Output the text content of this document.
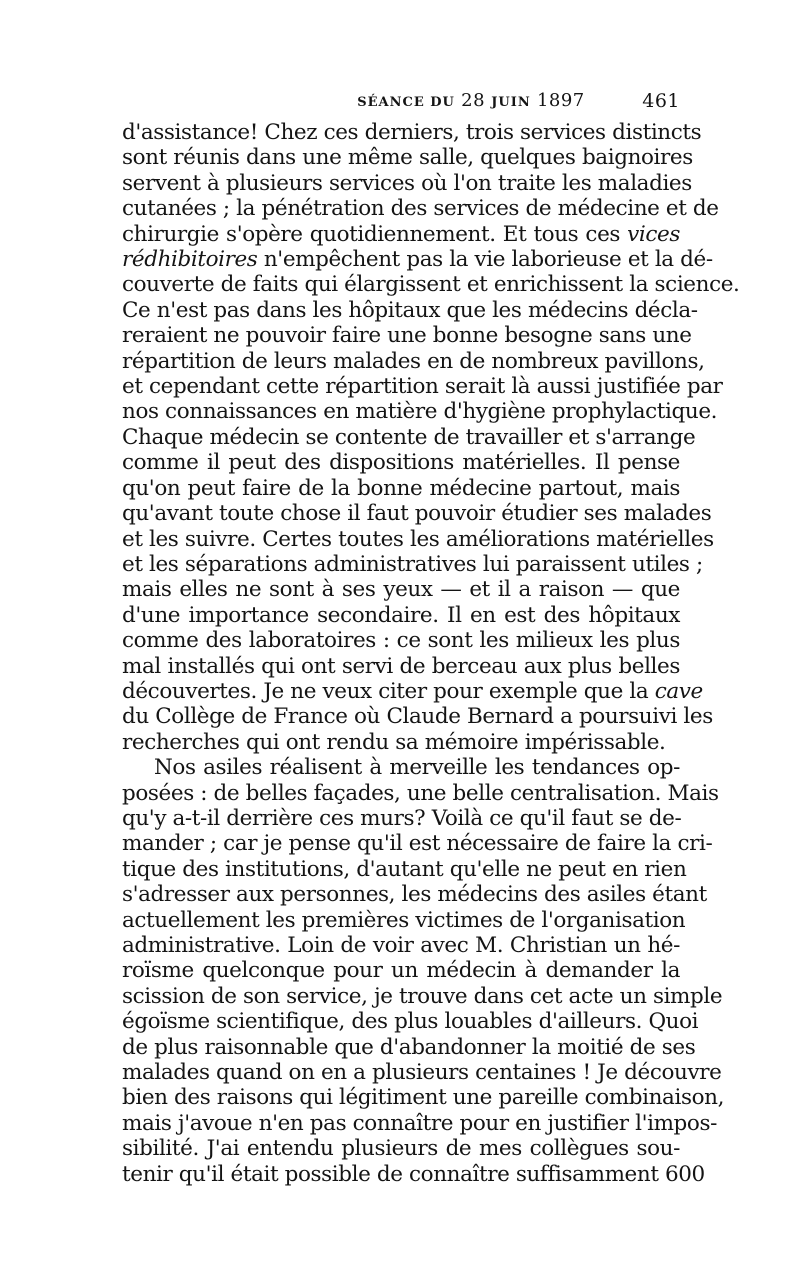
SÉANCE DU 28 JUIN 1897	461
d'assistance! Chez ces derniers, trois services distincts
sont réunis dans une même salle, quelques baignoires
servent à plusieurs services où l'on traite les maladies
cutanées ; la pénétration des services de médecine et de
chirurgie s'opère quotidiennement. Et tous ces vices
rédhibitoires n'empêchent pas la vie laborieuse et la dé-
couverte de faits qui élargissent et enrichissent la science.
Ce n'est pas dans les hôpitaux que les médecins décla-
reraient ne pouvoir faire une bonne besogne sans une
répartition de leurs malades en de nombreux pavillons,
et cependant cette répartition serait là aussi justifiée par
nos connaissances en matière d'hygiène prophylactique.
Chaque médecin se contente de travailler et s'arrange
comme il peut des dispositions matérielles. Il pense
qu'on peut faire de la bonne médecine partout, mais
qu'avant toute chose il faut pouvoir étudier ses malades
et les suivre. Certes toutes les améliorations matérielles
et les séparations administratives lui paraissent utiles ;
mais elles ne sont à ses yeux — et il a raison — que
d'une importance secondaire. Il en est des hôpitaux
comme des laboratoires : ce sont les milieux les plus
mal installés qui ont servi de berceau aux plus belles
découvertes. Je ne veux citer pour exemple que la cave
du Collège de France où Claude Bernard a poursuivi les
recherches qui ont rendu sa mémoire impérissable.
Nos asiles réalisent à merveille les tendances op-
posées : de belles façades, une belle centralisation. Mais
qu'y a-t-il derrière ces murs? Voilà ce qu'il faut se de-
mander ; car je pense qu'il est nécessaire de faire la cri-
tique des institutions, d'autant qu'elle ne peut en rien
s'adresser aux personnes, les médecins des asiles étant
actuellement les premières victimes de l'organisation
administrative. Loin de voir avec M. Christian un hé-
roïsme quelconque pour un médecin à demander la
scission de son service, je trouve dans cet acte un simple
égoïsme scientifique, des plus louables d'ailleurs. Quoi
de plus raisonnable que d'abandonner la moitié de ses
malades quand on en a plusieurs centaines ! Je découvre
bien des raisons qui légitiment une pareille combinaison,
mais j'avoue n'en pas connaître pour en justifier l'impos-
sibilité. J'ai entendu plusieurs de mes collègues sou-
tenir qu'il était possible de connaître suffisamment 600
